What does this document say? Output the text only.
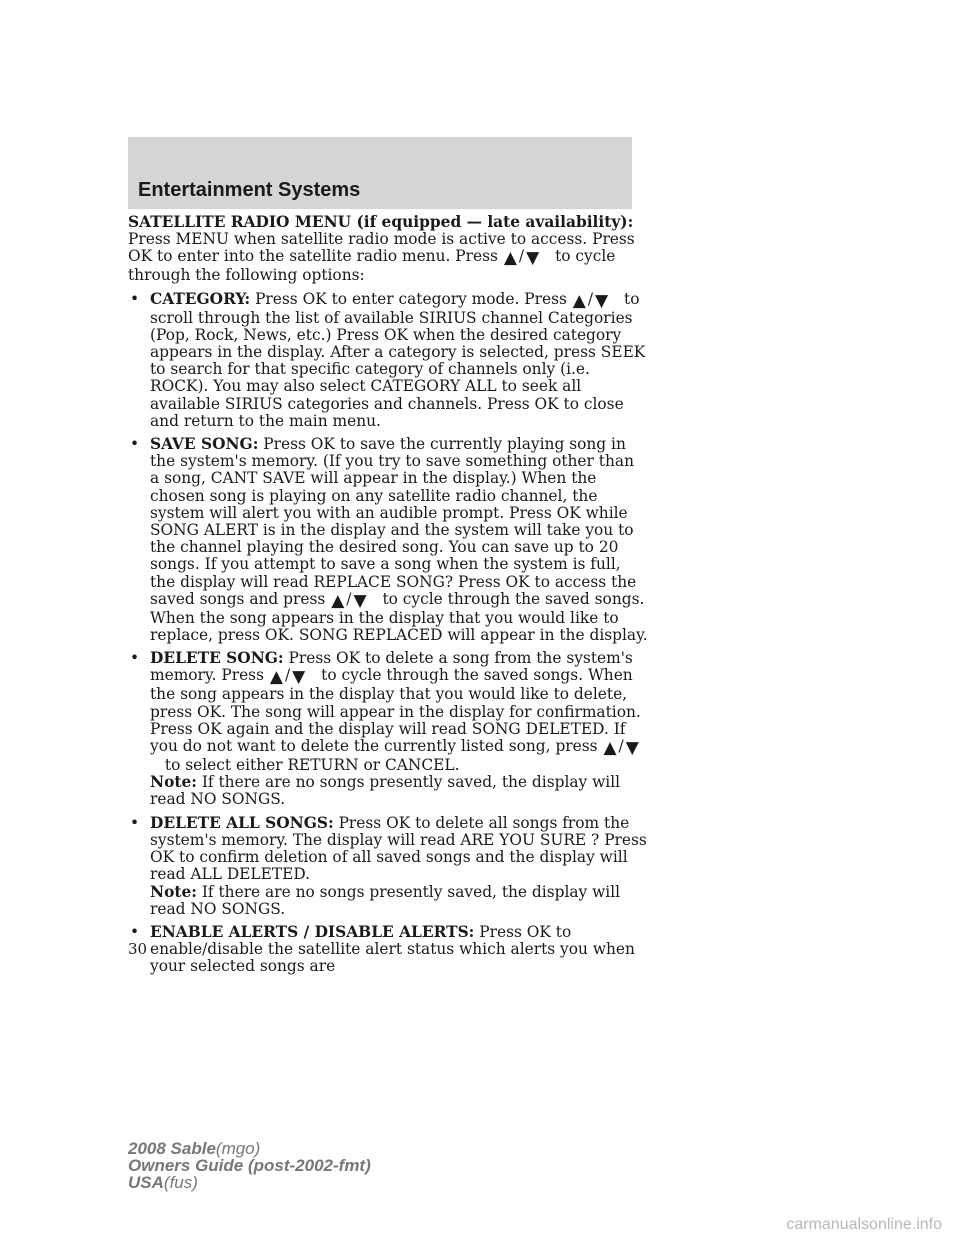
Entertainment Systems

SATELLITE RADIO MENU (if equipped — late availability): Press MENU when satellite radio mode is active to access. Press OK to enter into the satellite radio menu. Press ▲ / ▼ to cycle through the following options:

• CATEGORY: Press OK to enter category mode. Press ▲ / ▼ to scroll through the list of available SIRIUS channel Categories (Pop, Rock, News, etc.) Press OK when the desired category appears in the display. After a category is selected, press SEEK to search for that specific category of channels only (i.e. ROCK). You may also select CATEGORY ALL to seek all available SIRIUS categories and channels. Press OK to close and return to the main menu.
• SAVE SONG: Press OK to save the currently playing song in the system's memory. (If you try to save something other than a song, CANT SAVE will appear in the display.) When the chosen song is playing on any satellite radio channel, the system will alert you with an audible prompt. Press OK while SONG ALERT is in the display and the system will take you to the channel playing the desired song. You can save up to 20 songs. If you attempt to save a song when the system is full, the display will read REPLACE SONG? Press OK to access the saved songs and press ▲ / ▼ to cycle through the saved songs. When the song appears in the display that you would like to replace, press OK. SONG REPLACED will appear in the display.
• DELETE SONG: Press OK to delete a song from the system's memory. Press ▲ / ▼ to cycle through the saved songs. When the song appears in the display that you would like to delete, press OK. The song will appear in the display for confirmation. Press OK again and the display will read SONG DELETED. If you do not want to delete the currently listed song, press ▲ / ▼ to select either RETURN or CANCEL.
Note: If there are no songs presently saved, the display will read NO SONGS.
• DELETE ALL SONGS: Press OK to delete all songs from the system's memory. The display will read ARE YOU SURE ? Press OK to confirm deletion of all saved songs and the display will read ALL DELETED.
Note: If there are no songs presently saved, the display will read NO SONGS.
• ENABLE ALERTS / DISABLE ALERTS: Press OK to enable/disable the satellite alert status which alerts you when your selected songs are
30
2008 Sable(mgo)
Owners Guide (post-2002-fmt)
USA(fus)
carmanualsonline.info
